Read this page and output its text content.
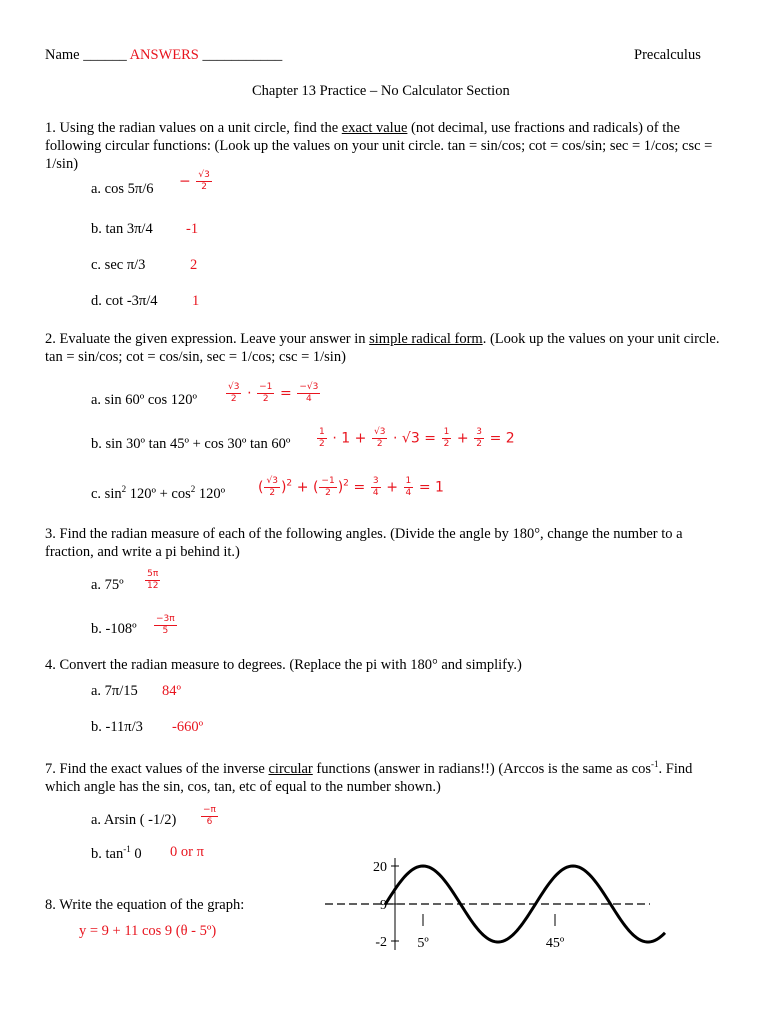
Name ______ ANSWERS ___________	Precalculus
Chapter 13 Practice – No Calculator Section
1. Using the radian values on a unit circle, find the exact value (not decimal, use fractions and radicals) of the following circular functions: (Look up the values on your unit circle. tan = sin/cos; cot = cos/sin; sec = 1/cos; csc = 1/sin)
a. $\cos 5\pi/6 - \frac{√3}{2}$
b. tan 3π/4 -1
c. sec π/3	2
d. cot -3π/4 1
2. Evaluate the given expression. Leave your answer in simple radical form. (Look up the values on your unit circle. tan = sin/cos; cot = cos/sin, sec = 1/cos; csc = 1/sin)
a. sin 60º cos 120º	$\frac{√3}{2} \cdot \frac{-1}{2} = \frac{-√3}{4}$
b. sin 30º tan 45º + cos 30º tan 60º	$\frac{1}{2} \cdot 1 + \frac{√3}{2} \cdot √3 = \frac{1}{2} + \frac{3}{2} = 2$
c. $\sin^2$ 120º + $\cos^2$ 120º ( $\frac{√3}{2} )^2$ + ( $\frac{-1}{2} )^2 = \frac{3}{4} + \frac{1}{4} = 1$
3. Find the radian measure of each of the following angles. (Divide the angle by 180°, change the number to a fraction, and write a pi behind it.)
a. 75º $\frac{5\pi}{12}$
b. -108º $\frac{-3\pi}{5}$
4. Convert the radian measure to degrees. (Replace the pi with 180° and simplify.)
a. 7π/15 84º
b. -11π/3 -660º
7. Find the exact values of the inverse circular functions (answer in radians!!) (Arccos is the same as $\cos^{-1}$. Find which angle has the sin, cos, tan, etc of equal to the number shown.)
a. Arsin ( -1/2)	$\frac{-\pi}{6}$
b. $\tan^{-1} 0$ 0 or π
8. Write the equation of the graph:
y = 9 + 11 cos 9 (θ - 5º)
20
9
-2 5º	45º
